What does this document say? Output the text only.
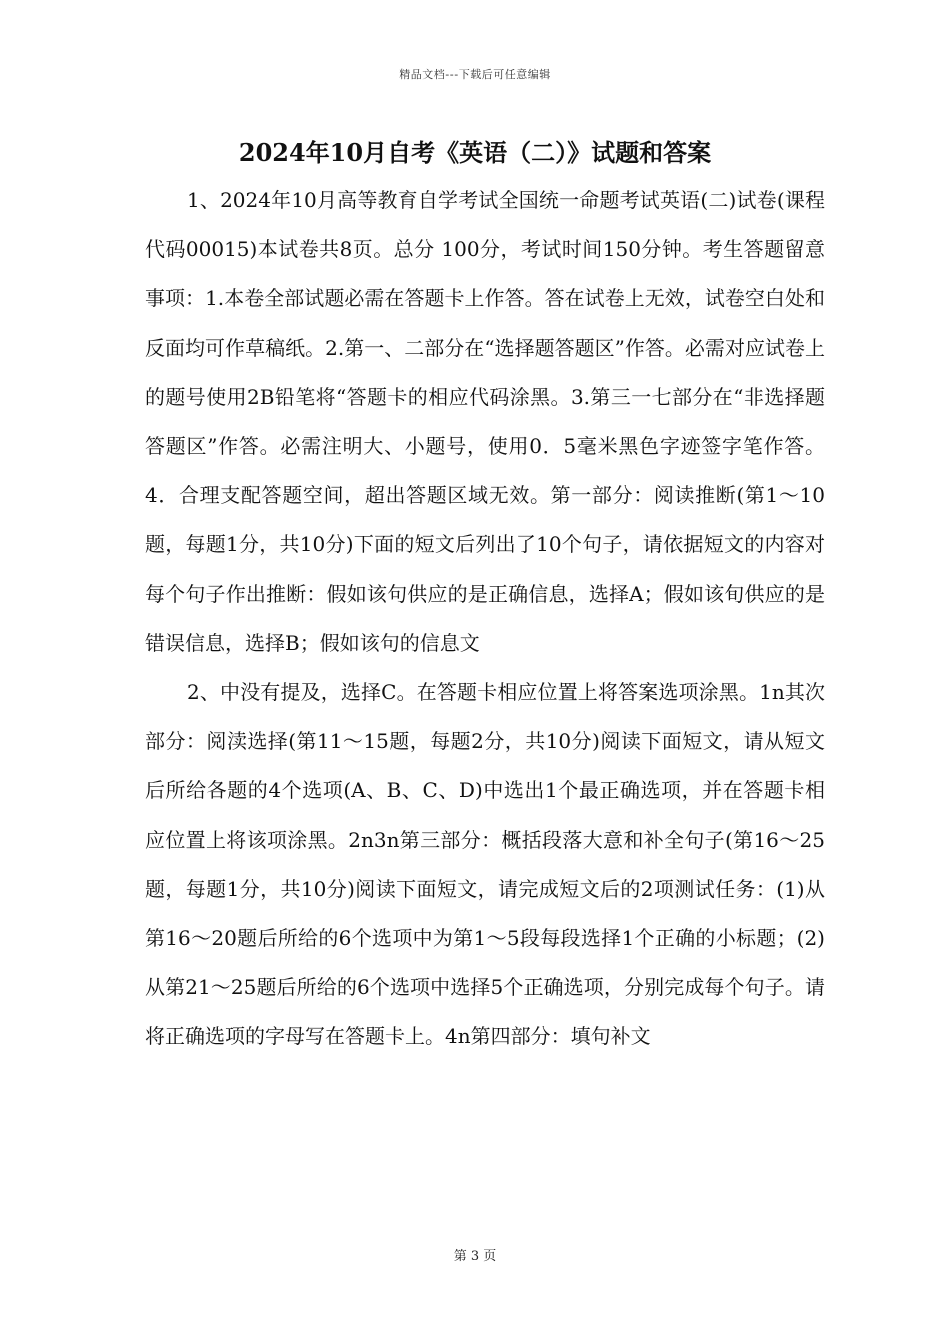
精品文档---下载后可任意编辑
2024年10月自考《英语（二）》试题和答案

1、2024年10月高等教育自学考试全国统一命题考试英语(二)试卷(课程代码00015)本试卷共8页。总分 100分，考试时间150分钟。考生答题留意事项：1.本卷全部试题必需在答题卡上作答。答在试卷上无效，试卷空白处和反面均可作草稿纸。2.第一、二部分在“选择题答题区”作答。必需对应试卷上的题号使用2B铅笔将“答题卡的相应代码涂黑。3.第三一七部分在“非选择题答题区”作答。必需注明大、小题号，使用0．5毫米黑色字迹签字笔作答。4．合理支配答题空间，超出答题区域无效。第一部分：阅读推断(第1～10题，每题1分，共10分)下面的短文后列出了10个句子，请依据短文的内容对每个句子作出推断：假如该句供应的是正确信息，选择A；假如该旬供应的是错误信息，选择B；假如该句的信息文

2、中没有提及，选择C。在答题卡相应位置上将答案选项涂黑。1n其次部分：阅渎选择(第11～15题，每题2分，共10分)阅读下面短文，请从短文后所给各题的4个选项(A、B、C、D)中选出1个最正确选项，并在答题卡相应位置上将该项涂黑。2n3n第三部分：概括段落大意和补全句子(第16～25题，每题1分，共10分)阅读下面短文，请完成短文后的2项测试任务：(1)从第16～20题后所给的6个选项中为第1～5段每段选择1个正确的小标题；(2)从第21～25题后所给的6个选项中选择5个正确选项，分别完成每个句子。请将正确选项的字母写在答题卡上。4n第四部分：填句补文

第 3 页
